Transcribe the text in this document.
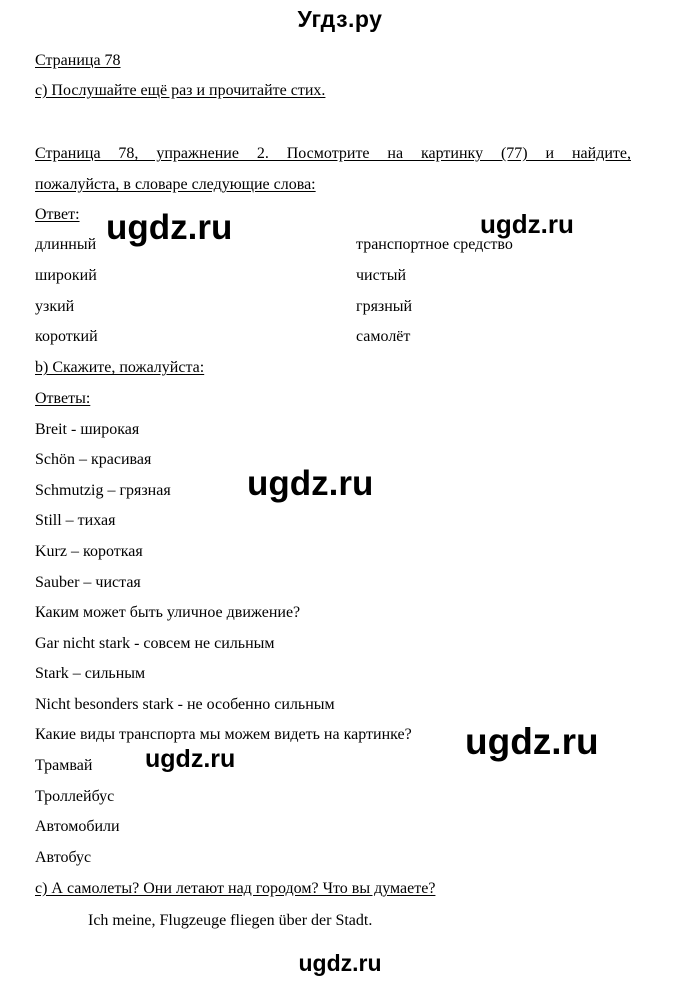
Угдз.ру
Страница 78
c) Послушайте ещё раз и прочитайте стих.
Страница 78, упражнение 2. Посмотрите на картинку (77) и найдите,
пожалуйста, в словаре следующие слова:
Ответ:
длинный
широкий
узкий
короткий
транспортное средство
чистый
грязный
самолёт
b) Скажите, пожалуйста:
Ответы:
Breit - широкая
Schön – красивая
Schmutzig – грязная
Still – тихая
Kurz – короткая
Sauber – чистая
Каким может быть уличное движение?
Gar nicht stark - совсем не сильным
Stark – сильным
Nicht besonders stark - не особенно сильным
Какие виды транспорта мы можем видеть на картинке?
Трамвай
Троллейбус
Автомобили
Автобус
c) А самолеты? Они летают над городом? Что вы думаете?
Ich meine, Flugzeuge fliegen über der Stadt.
ugdz.ru	ugdz.ru
ugdz.ru
ugdz.ru
ugdz.ru
ugdz.ru
